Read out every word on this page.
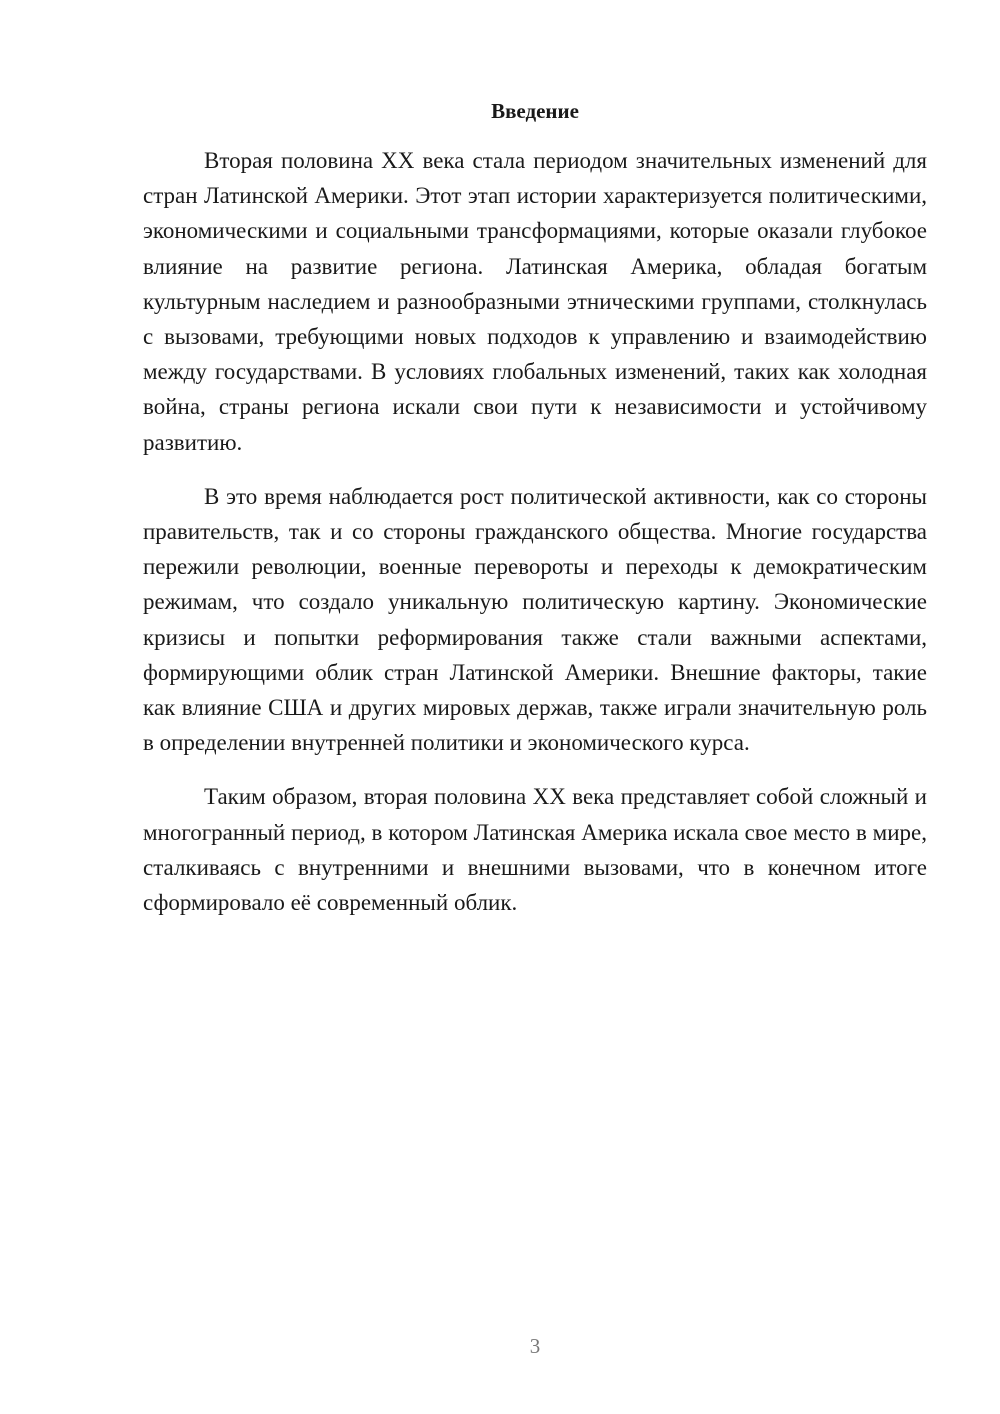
Введение

Вторая половина XX века стала периодом значительных изменений для стран Латинской Америки. Этот этап истории характеризуется политическими, экономическими и социальными трансформациями, которые оказали глубокое влияние на развитие региона. Латинская Америка, обладая богатым культурным наследием и разнообразными этническими группами, столкнулась с вызовами, требующими новых подходов к управлению и взаимодействию между государствами. В условиях глобальных изменений, таких как холодная война, страны региона искали свои пути к независимости и устойчивому развитию.

В это время наблюдается рост политической активности, как со стороны правительств, так и со стороны гражданского общества. Многие государства пережили революции, военные перевороты и переходы к демократическим режимам, что создало уникальную политическую картину. Экономические кризисы и попытки реформирования также стали важными аспектами, формирующими облик стран Латинской Америки. Внешние факторы, такие как влияние США и других мировых держав, также играли значительную роль в определении внутренней политики и экономического курса.

Таким образом, вторая половина XX века представляет собой сложный и многогранный период, в котором Латинская Америка искала свое место в мире, сталкиваясь с внутренними и внешними вызовами, что в конечном итоге сформировало её современный облик.

3
